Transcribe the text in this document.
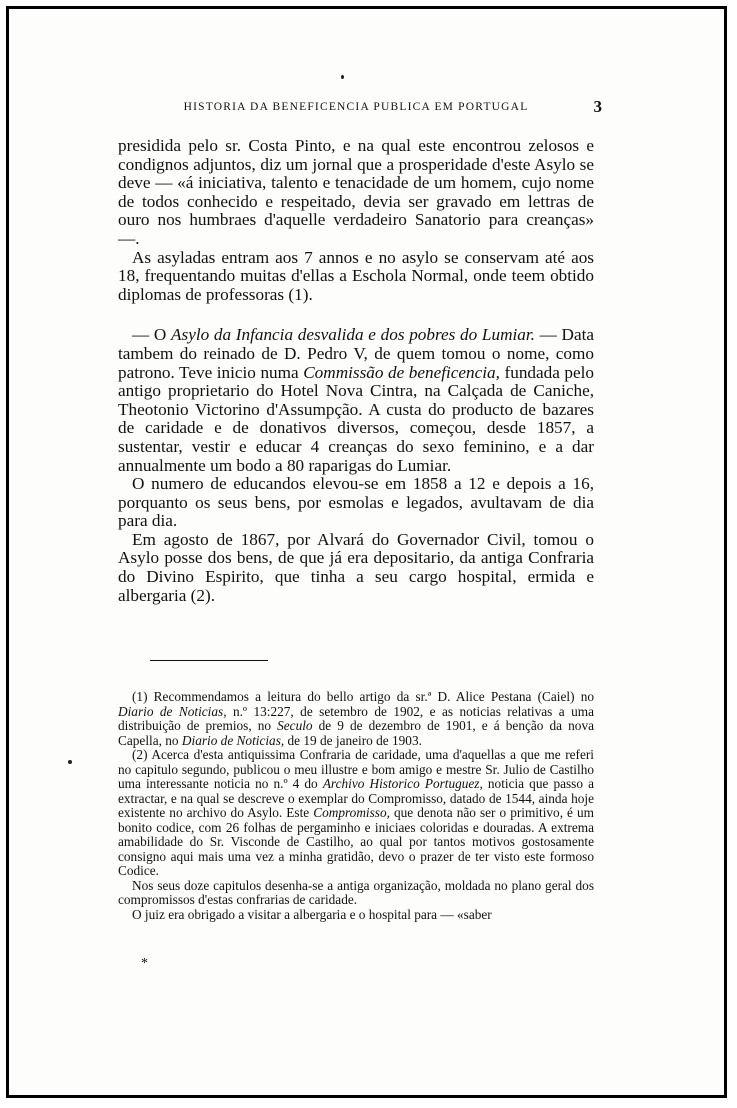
HISTORIA DA BENEFICENCIA PUBLICA EM PORTUGAL	3

presidida pelo sr. Costa Pinto, e na qual este encontrou zelosos e condignos adjuntos, diz um jornal que a prosperidade d'este Asylo se deve — «á iniciativa, talento e tenacidade de um homem, cujo nome de todos conhecido e respeitado, devia ser gravado em lettras de ouro nos humbraes d'aquelle verdadeiro Sanatorio para creanças» —.

As asyladas entram aos 7 annos e no asylo se conservam até aos 18, frequentando muitas d'ellas a Eschola Normal, onde teem obtido diplomas de professoras (1).

— O Asylo da Infancia desvalida e dos pobres do Lumiar. — Data tambem do reinado de D. Pedro V, de quem tomou o nome, como patrono. Teve inicio numa Commissão de beneficencia, fundada pelo antigo proprietario do Hotel Nova Cintra, na Calçada de Caniche, Theotonio Victorino d'Assumpção. A custa do producto de bazares de caridade e de donativos diversos, começou, desde 1857, a sustentar, vestir e educar 4 creanças do sexo feminino, e a dar annualmente um bodo a 80 raparigas do Lumiar.

O numero de educandos elevou-se em 1858 a 12 e depois a 16, porquanto os seus bens, por esmolas e legados, avultavam de dia para dia.

Em agosto de 1867, por Alvará do Governador Civil, tomou o Asylo posse dos bens, de que já era depositario, da antiga Confraria do Divino Espirito, que tinha a seu cargo hospital, ermida e albergaria (2).

(1) Recommendamos a leitura do bello artigo da sr.ª D. Alice Pestana (Caiel) no Diario de Noticias, n.º 13:227, de setembro de 1902, e as noticias relativas a uma distribuição de premios, no Seculo de 9 de dezembro de 1901, e á benção da nova Capella, no Diario de Noticias, de 19 de janeiro de 1903.

(2) Acerca d'esta antiquissima Confraria de caridade, uma d'aquellas a que me referi no capitulo segundo, publicou o meu illustre e bom amigo e mestre Sr. Julio de Castilho uma interessante noticia no n.º 4 do Archivo Historico Portuguez, noticia que passo a extractar, e na qual se descreve o exemplar do Compromisso, datado de 1544, ainda hoje existente no archivo do Asylo. Este Compromisso, que denota não ser o primitivo, é um bonito codice, com 26 folhas de pergaminho e iniciaes coloridas e douradas. A extrema amabilidade do Sr. Visconde de Castilho, ao qual por tantos motivos gostosamente consigno aqui mais uma vez a minha gratidão, devo o prazer de ter visto este formoso Codice.

Nos seus doze capitulos desenha-se a antiga organização, moldada no plano geral dos compromissos d'estas confrarias de caridade.

O juiz era obrigado a visitar a albergaria e o hospital para — «saber

*
